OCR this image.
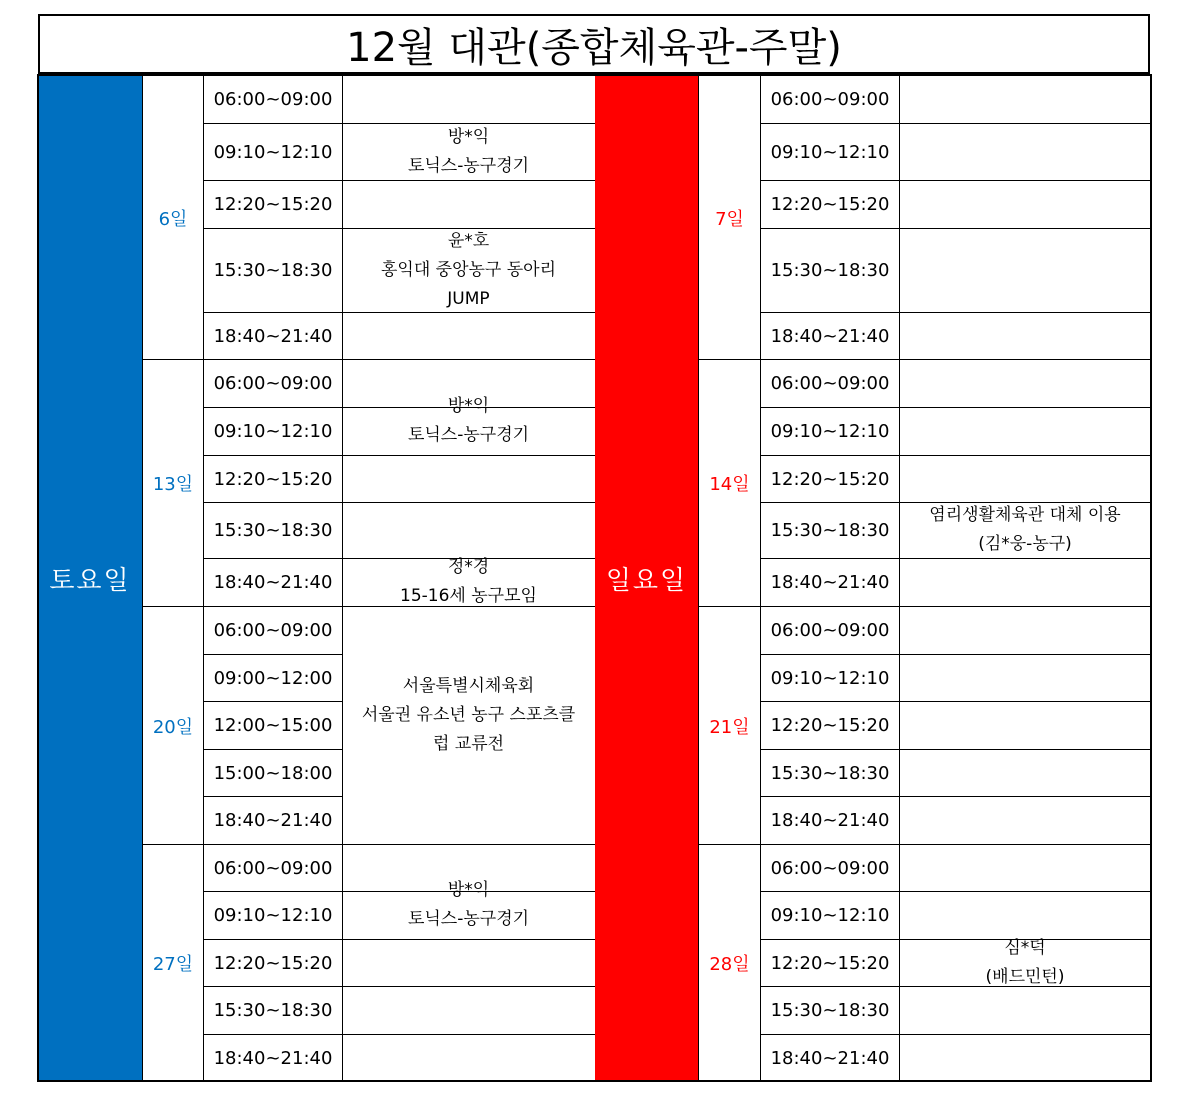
12월 대관(종합체육관-주말)
토요일
6일
06:00~09:00
09:10~12:10
12:20~15:20
15:30~18:30
18:40~21:40
방*익
토닉스-농구경기
윤*호
홍익대 중앙농구 동아리
JUMP
13일
06:00~09:00
09:10~12:10
12:20~15:20
15:30~18:30
18:40~21:40
방*익
토닉스-농구경기
정*경
15-16세 농구모임
20일
06:00~09:00
09:00~12:00
12:00~15:00
15:00~18:00
18:40~21:40
서울특별시체육회
서울권 유소년 농구 스포츠클
럽 교류전
27일
06:00~09:00
09:10~12:10
12:20~15:20
15:30~18:30
18:40~21:40
방*익
토닉스-농구경기
일요일
7일
06:00~09:00
09:10~12:10
12:20~15:20
15:30~18:30
18:40~21:40
14일
06:00~09:00
09:10~12:10
12:20~15:20
15:30~18:30
18:40~21:40
염리생활체육관 대체 이용
(김*웅-농구)
21일
06:00~09:00
09:10~12:10
12:20~15:20
15:30~18:30
18:40~21:40
28일
06:00~09:00
09:10~12:10
12:20~15:20
15:30~18:30
18:40~21:40
심*덕
(배드민턴)
